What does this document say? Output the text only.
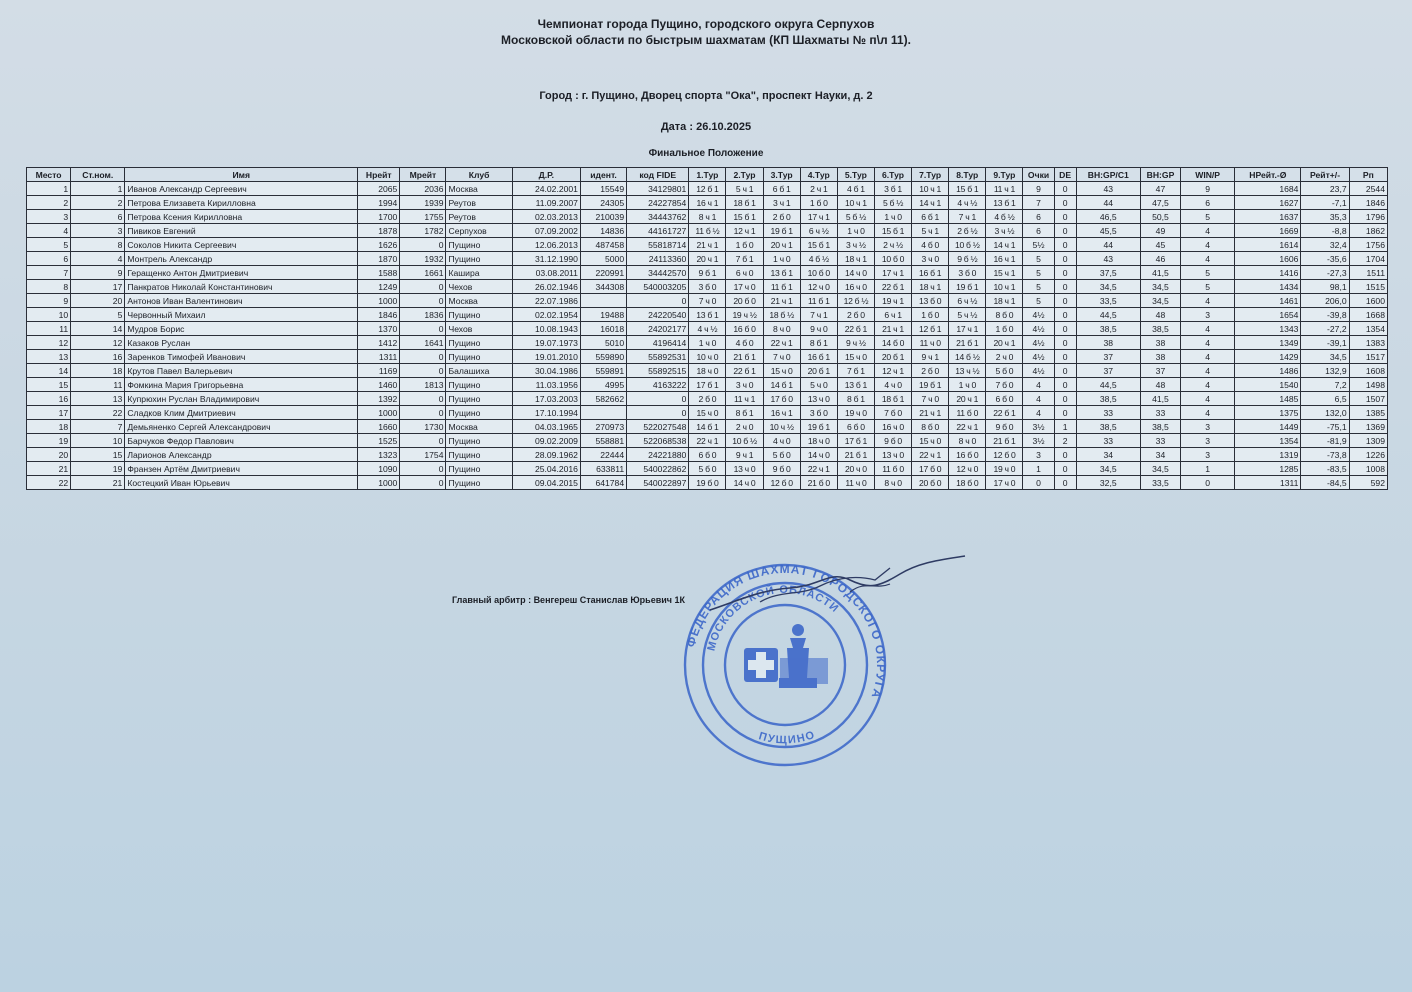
Чемпионат города Пущино, городского округа Серпухов
Московской области по быстрым шахматам (КП Шахматы № п\л 11).
Город : г. Пущино, Дворец спорта "Ока", проспект Науки, д. 2
Дата : 26.10.2025
Финальное Положение
Место	Ст.ном.	Имя	Нрейт	Мрейт	Клуб	Д.Р.	идент.	код FIDE	1.Тур	2.Тур	3.Тур	4.Тур	5.Тур	6.Тур	7.Тур	8.Тур	9.Тур	Очки	DE	BH:GP/C1	BH:GP	WIN/P	НРейт.-Ø	Рейт+/-	Рп
1	1	Иванов Александр Сергеевич	2065	2036	Москва	24.02.2001	15549	34129801	12 б 1	5 ч 1	6 б 1	2 ч 1	4 б 1	3 б 1	10 ч 1	15 б 1	11 ч 1	9	0	43	47	9	1684	23,7	2544
2	2	Петрова Елизавета Кирилловна	1994	1939	Реутов	11.09.2007	24305	24227854	16 ч 1	18 б 1	3 ч 1	1 б 0	10 ч 1	5 б ½	14 ч 1	4 ч ½	13 б 1	7	0	44	47,5	6	1627	-7,1	1846
3	6	Петрова Ксения Кирилловна	1700	1755	Реутов	02.03.2013	210039	34443762	8 ч 1	15 б 1	2 б 0	17 ч 1	5 б ½	1 ч 0	6 б 1	7 ч 1	4 б ½	6	0	46,5	50,5	5	1637	35,3	1796
4	3	Пивиков Евгений	1878	1782	Серпухов	07.09.2002	14836	44161727	11 б ½	12 ч 1	19 б 1	6 ч ½	1 ч 0	15 б 1	5 ч 1	2 б ½	3 ч ½	6	0	45,5	49	4	1669	-8,8	1862
5	8	Соколов Никита Сергеевич	1626	0	Пущино	12.06.2013	487458	55818714	21 ч 1	1 б 0	20 ч 1	15 б 1	3 ч ½	2 ч ½	4 б 0	10 б ½	14 ч 1	5½	0	44	45	4	1614	32,4	1756
6	4	Монтрель Александр	1870	1932	Пущино	31.12.1990	5000	24113360	20 ч 1	7 б 1	1 ч 0	4 б ½	18 ч 1	10 б 0	3 ч 0	9 б ½	16 ч 1	5	0	43	46	4	1606	-35,6	1704
7	9	Геращенко Антон Дмитриевич	1588	1661	Кашира	03.08.2011	220991	34442570	9 б 1	6 ч 0	13 б 1	10 б 0	14 ч 0	17 ч 1	16 б 1	3 б 0	15 ч 1	5	0	37,5	41,5	5	1416	-27,3	1511
8	17	Панкратов Николай Константинович	1249	0	Чехов	26.02.1946	344308	540003205	3 б 0	17 ч 0	11 б 1	12 ч 0	16 ч 0	22 б 1	18 ч 1	19 б 1	10 ч 1	5	0	34,5	34,5	5	1434	98,1	1515
9	20	Антонов Иван Валентинович	1000	0	Москва	22.07.1986		0	7 ч 0	20 б 0	21 ч 1	11 б 1	12 б ½	19 ч 1	13 б 0	6 ч ½	18 ч 1	5	0	33,5	34,5	4	1461	206,0	1600
10	5	Червонный Михаил	1846	1836	Пущино	02.02.1954	19488	24220540	13 б 1	19 ч ½	18 б ½	7 ч 1	2 б 0	6 ч 1	1 б 0	5 ч ½	8 б 0	4½	0	44,5	48	3	1654	-39,8	1668
11	14	Мудров Борис	1370	0	Чехов	10.08.1943	16018	24202177	4 ч ½	16 б 0	8 ч 0	9 ч 0	22 б 1	21 ч 1	12 б 1	17 ч 1	1 б 0	4½	0	38,5	38,5	4	1343	-27,2	1354
12	12	Казаков Руслан	1412	1641	Пущино	19.07.1973	5010	4196414	1 ч 0	4 б 0	22 ч 1	8 б 1	9 ч ½	14 б 0	11 ч 0	21 б 1	20 ч 1	4½	0	38	38	4	1349	-39,1	1383
13	16	Заренков Тимофей Иванович	1311	0	Пущино	19.01.2010	559890	55892531	10 ч 0	21 б 1	7 ч 0	16 б 1	15 ч 0	20 б 1	9 ч 1	14 б ½	2 ч 0	4½	0	37	38	4	1429	34,5	1517
14	18	Крутов Павел Валерьевич	1169	0	Балашиха	30.04.1986	559891	55892515	18 ч 0	22 б 1	15 ч 0	20 б 1	7 б 1	12 ч 1	2 б 0	13 ч ½	5 б 0	4½	0	37	37	4	1486	132,9	1608
15	11	Фомкина Мария Григорьевна	1460	1813	Пущино	11.03.1956	4995	4163222	17 б 1	3 ч 0	14 б 1	5 ч 0	13 б 1	4 ч 0	19 б 1	1 ч 0	7 б 0	4	0	44,5	48	4	1540	7,2	1498
16	13	Купрюхин Руслан Владимирович	1392	0	Пущино	17.03.2003	582662	0	2 б 0	11 ч 1	17 б 0	13 ч 0	8 б 1	18 б 1	7 ч 0	20 ч 1	6 б 0	4	0	38,5	41,5	4	1485	6,5	1507
17	22	Сладков Клим Дмитриевич	1000	0	Пущино	17.10.1994		0	15 ч 0	8 б 1	16 ч 1	3 б 0	19 ч 0	7 б 0	21 ч 1	11 б 0	22 б 1	4	0	33	33	4	1375	132,0	1385
18	7	Демьяненко Сергей Александрович	1660	1730	Москва	04.03.1965	270973	522027548	14 б 1	2 ч 0	10 ч ½	19 б 1	6 б 0	16 ч 0	8 б 0	22 ч 1	9 б 0	3½	1	38,5	38,5	3	1449	-75,1	1369
19	10	Барчуков Федор Павлович	1525	0	Пущино	09.02.2009	558881	522068538	22 ч 1	10 б ½	4 ч 0	18 ч 0	17 б 1	9 б 0	15 ч 0	8 ч 0	21 б 1	3½	2	33	33	3	1354	-81,9	1309
20	15	Ларионов Александр	1323	1754	Пущино	28.09.1962	22444	24221880	6 б 0	9 ч 1	5 б 0	14 ч 0	21 б 1	13 ч 0	22 ч 1	16 б 0	12 б 0	3	0	34	34	3	1319	-73,8	1226
21	19	Франзен Артём Дмитриевич	1090	0	Пущино	25.04.2016	633811	540022862	5 б 0	13 ч 0	9 б 0	22 ч 1	20 ч 0	11 б 0	17 б 0	12 ч 0	19 ч 0	1	0	34,5	34,5	1	1285	-83,5	1008
22	21	Костецкий Иван Юрьевич	1000	0	Пущино	09.04.2015	641784	540022897	19 б 0	14 ч 0	12 б 0	21 б 0	11 ч 0	8 ч 0	20 б 0	18 б 0	17 ч 0	0	0	32,5	33,5	0	1311	-84,5	592
Главный арбитр : Венгереш Станислав Юрьевич 1К
ФЕДЕРАЦИЯ ШАХМАТ ГОРОДСКОГО ОКРУГА
МОСКОВСКОЙ ОБЛАСТИ
ПУЩИНО
